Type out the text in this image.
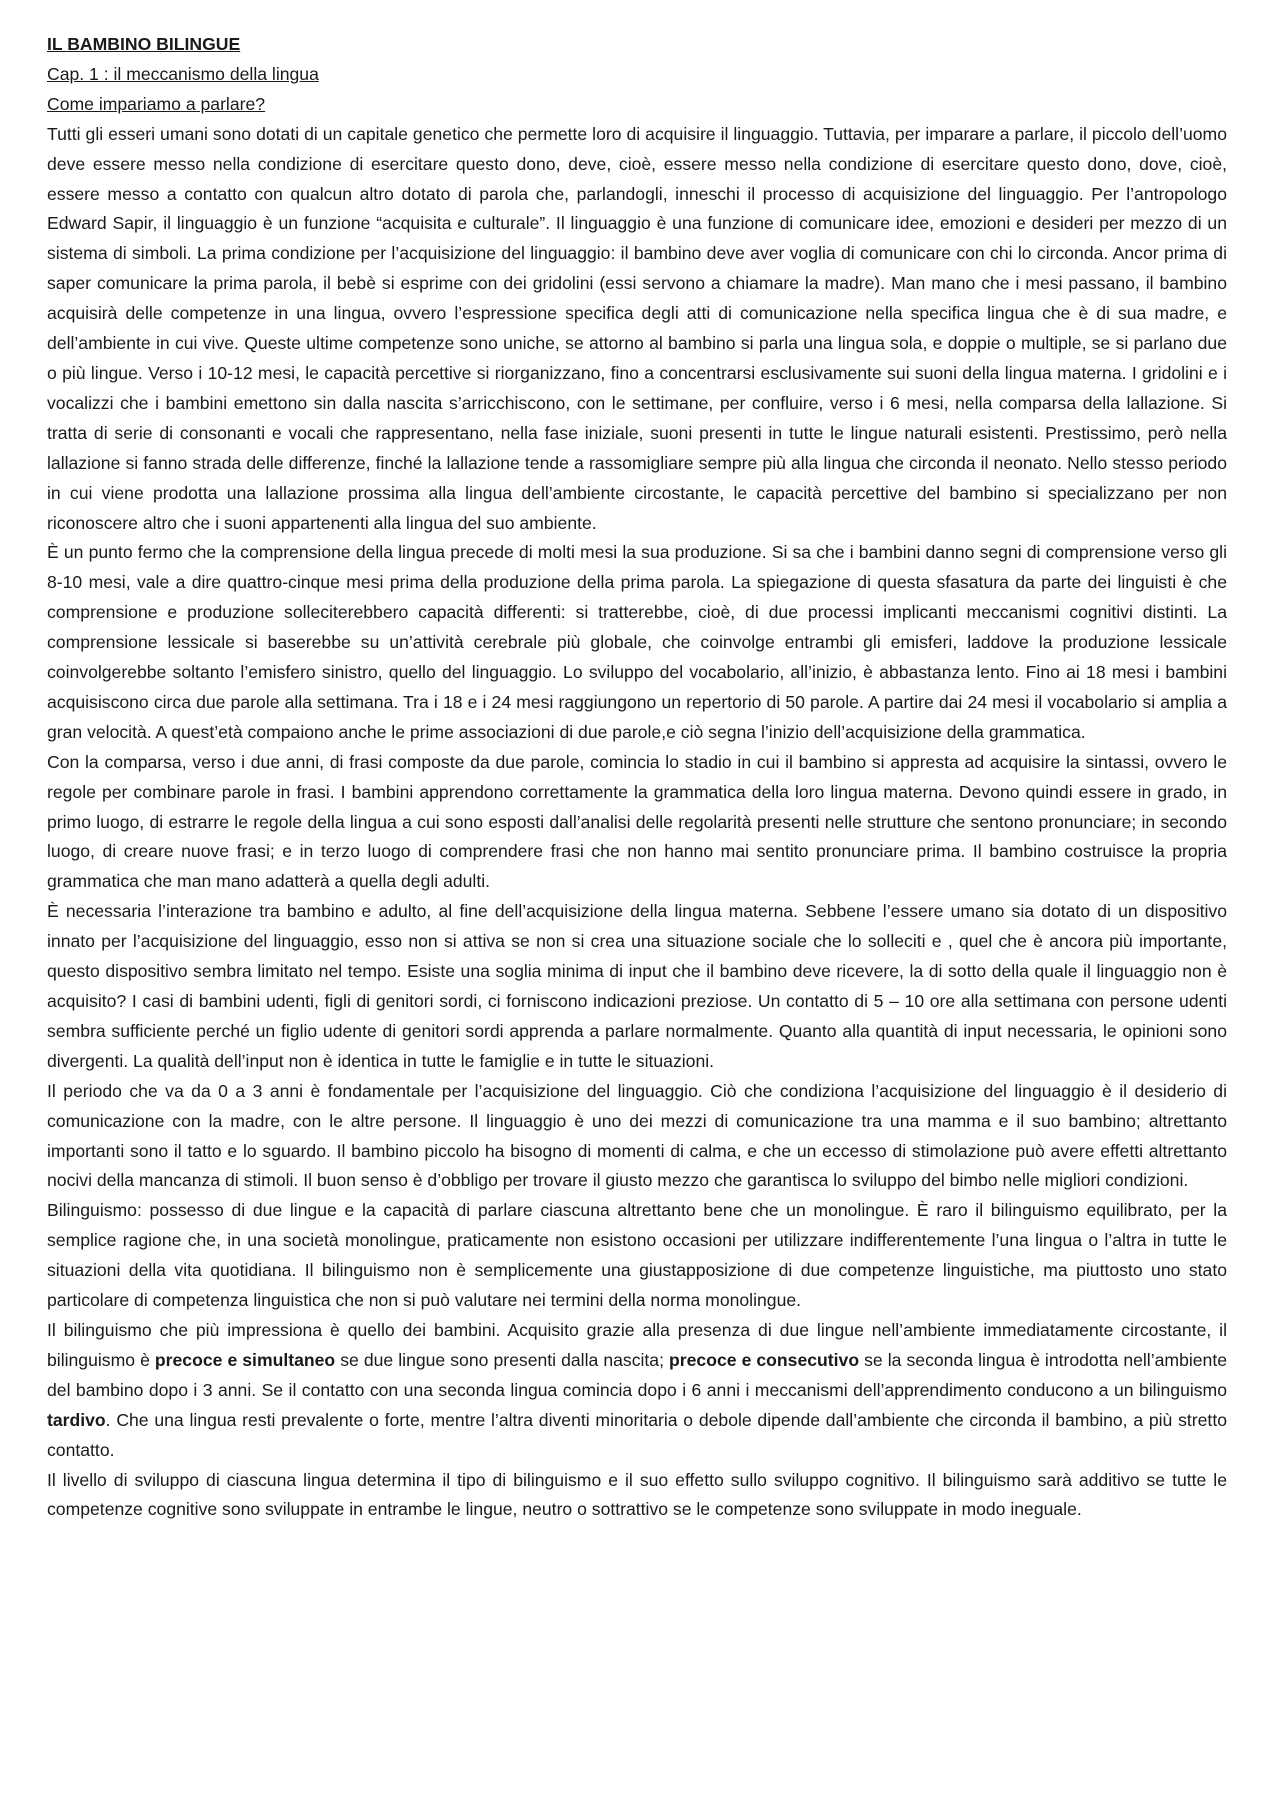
IL BAMBINO BILINGUE

Cap. 1 : il meccanismo della lingua

Come impariamo a parlare?

Tutti gli esseri umani sono dotati di un capitale genetico che permette loro di acquisire il linguaggio. Tuttavia, per imparare a parlare, il piccolo dell’uomo deve essere messo nella condizione di esercitare questo dono, deve, cioè, essere messo nella condizione di esercitare questo dono, dove, cioè, essere messo a contatto con qualcun altro dotato di parola che, parlandogli, inneschi il processo di acquisizione del linguaggio. Per l’antropologo Edward Sapir, il linguaggio è un funzione “acquisita e culturale”. Il linguaggio è una funzione di comunicare idee, emozioni e desideri per mezzo di un sistema di simboli. La prima condizione per l’acquisizione del linguaggio: il bambino deve aver voglia di comunicare con chi lo circonda. Ancor prima di saper comunicare la prima parola, il bebè si esprime con dei gridolini (essi servono a chiamare la madre). Man mano che i mesi passano, il bambino acquisirà delle competenze in una lingua, ovvero l’espressione specifica degli atti di comunicazione nella specifica lingua che è di sua madre, e dell’ambiente in cui vive. Queste ultime competenze sono uniche, se attorno al bambino si parla una lingua sola, e doppie o multiple, se si parlano due o più lingue. Verso i 10-12 mesi, le capacità percettive si riorganizzano, fino a concentrarsi esclusivamente sui suoni della lingua materna. I gridolini e i vocalizzi che i bambini emettono sin dalla nascita s’arricchiscono, con le settimane, per confluire, verso i 6 mesi, nella comparsa della lallazione. Si tratta di serie di consonanti e vocali che rappresentano, nella fase iniziale, suoni presenti in tutte le lingue naturali esistenti. Prestissimo, però nella lallazione si fanno strada delle differenze, finché la lallazione tende a rassomigliare sempre più alla lingua che circonda il neonato. Nello stesso periodo in cui viene prodotta una lallazione prossima alla lingua dell’ambiente circostante, le capacità percettive del bambino si specializzano per non riconoscere altro che i suoni appartenenti alla lingua del suo ambiente.

È un punto fermo che la comprensione della lingua precede di molti mesi la sua produzione. Si sa che i bambini danno segni di comprensione verso gli 8-10 mesi, vale a dire quattro-cinque mesi prima della produzione della prima parola. La spiegazione di questa sfasatura da parte dei linguisti è che comprensione e produzione solleciterebbero capacità differenti: si tratterebbe, cioè, di due processi implicanti meccanismi cognitivi distinti. La comprensione lessicale si baserebbe su un’attività cerebrale più globale, che coinvolge entrambi gli emisferi, laddove la produzione lessicale coinvolgerebbe soltanto l’emisfero sinistro, quello del linguaggio. Lo sviluppo del vocabolario, all’inizio, è abbastanza lento. Fino ai 18 mesi i bambini acquisiscono circa due parole alla settimana. Tra i 18 e i 24 mesi raggiungono un repertorio di 50 parole. A partire dai 24 mesi il vocabolario si amplia a gran velocità. A quest’età compaiono anche le prime associazioni di due parole,e ciò segna l’inizio dell’acquisizione della grammatica.

Con la comparsa, verso i due anni, di frasi composte da due parole, comincia lo stadio in cui il bambino si appresta ad acquisire la sintassi, ovvero le regole per combinare parole in frasi. I bambini apprendono correttamente la grammatica della loro lingua materna. Devono quindi essere in grado, in primo luogo, di estrarre le regole della lingua a cui sono esposti dall’analisi delle regolarità presenti nelle strutture che sentono pronunciare; in secondo luogo, di creare nuove frasi; e in terzo luogo di comprendere frasi che non hanno mai sentito pronunciare prima. Il bambino costruisce la propria grammatica che man mano adatterà a quella degli adulti.

È necessaria l’interazione tra bambino e adulto, al fine dell’acquisizione della lingua materna. Sebbene l’essere umano sia dotato di un dispositivo innato per l’acquisizione del linguaggio, esso non si attiva se non si crea una situazione sociale che lo solleciti e , quel che è ancora più importante, questo dispositivo sembra limitato nel tempo. Esiste una soglia minima di input che il bambino deve ricevere, la di sotto della quale il linguaggio non è acquisito? I casi di bambini udenti, figli di genitori sordi, ci forniscono indicazioni preziose. Un contatto di 5 – 10 ore alla settimana con persone udenti sembra sufficiente perché un figlio udente di genitori sordi apprenda a parlare normalmente. Quanto alla quantità di input necessaria, le opinioni sono divergenti. La qualità dell’input non è identica in tutte le famiglie e in tutte le situazioni.

Il periodo che va da 0 a 3 anni è fondamentale per l’acquisizione del linguaggio. Ciò che condiziona l’acquisizione del linguaggio è il desiderio di comunicazione con la madre, con le altre persone. Il linguaggio è uno dei mezzi di comunicazione tra una mamma e il suo bambino; altrettanto importanti sono il tatto e lo sguardo. Il bambino piccolo ha bisogno di momenti di calma, e che un eccesso di stimolazione può avere effetti altrettanto nocivi della mancanza di stimoli. Il buon senso è d’obbligo per trovare il giusto mezzo che garantisca lo sviluppo del bimbo nelle migliori condizioni.

Bilinguismo: possesso di due lingue e la capacità di parlare ciascuna altrettanto bene che un monolingue. È raro il bilinguismo equilibrato, per la semplice ragione che, in una società monolingue, praticamente non esistono occasioni per utilizzare indifferentemente l’una lingua o l’altra in tutte le situazioni della vita quotidiana. Il bilinguismo non è semplicemente una giustapposizione di due competenze linguistiche, ma piuttosto uno stato particolare di competenza linguistica che non si può valutare nei termini della norma monolingue.

Il bilinguismo che più impressiona è quello dei bambini. Acquisito grazie alla presenza di due lingue nell’ambiente immediatamente circostante, il bilinguismo è precoce e simultaneo se due lingue sono presenti dalla nascita; precoce e consecutivo se la seconda lingua è introdotta nell’ambiente del bambino dopo i 3 anni. Se il contatto con una seconda lingua comincia dopo i 6 anni i meccanismi dell’apprendimento conducono a un bilinguismo tardivo. Che una lingua resti prevalente o forte, mentre l’altra diventi minoritaria o debole dipende dall’ambiente che circonda il bambino, a più stretto contatto.

Il livello di sviluppo di ciascuna lingua determina il tipo di bilinguismo e il suo effetto sullo sviluppo cognitivo. Il bilinguismo sarà additivo se tutte le competenze cognitive sono sviluppate in entrambe le lingue, neutro o sottrattivo se le competenze sono sviluppate in modo ineguale.
